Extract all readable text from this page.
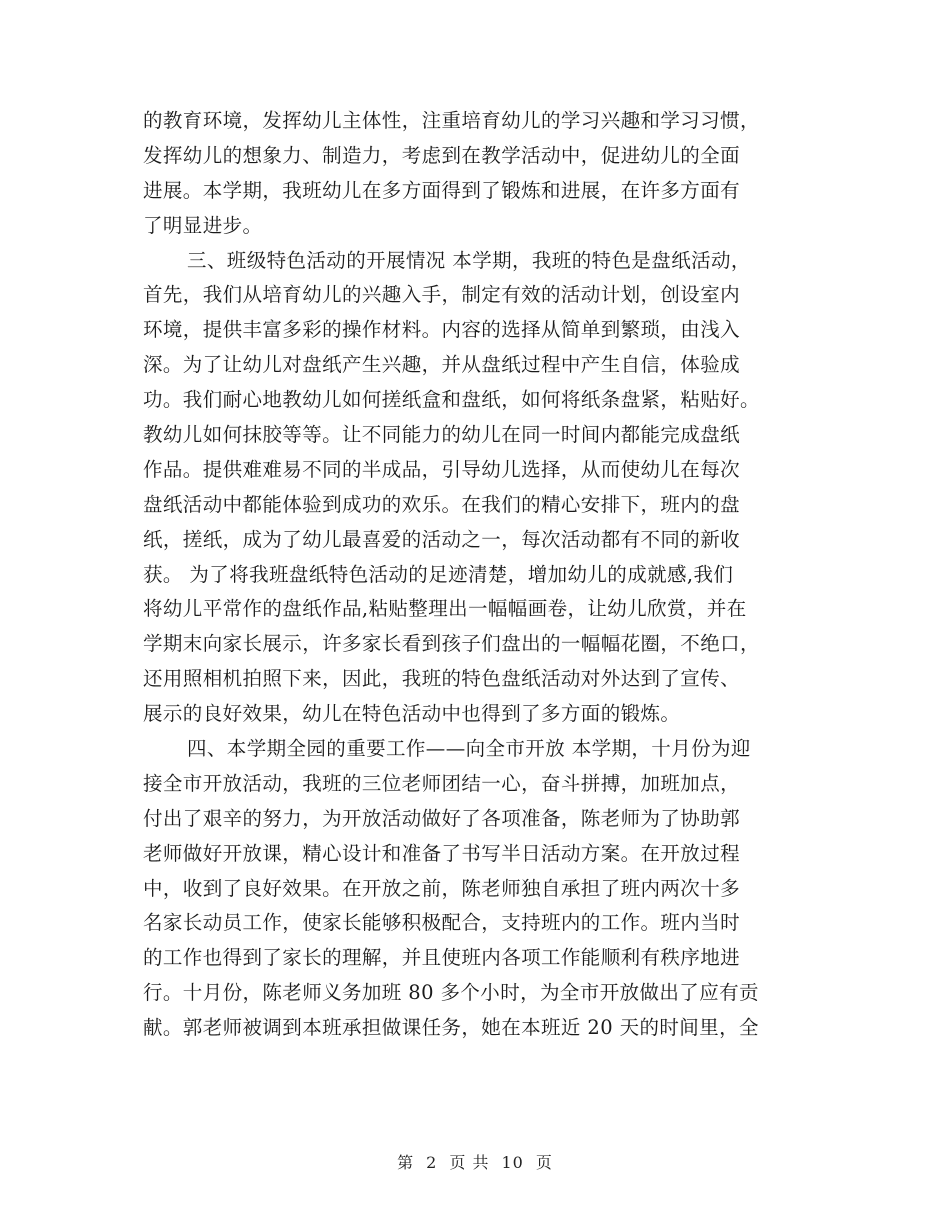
的教育环境，发挥幼儿主体性，注重培育幼儿的学习兴趣和学习习惯，
发挥幼儿的想象力、制造力，考虑到在教学活动中，促进幼儿的全面
进展。本学期，我班幼儿在多方面得到了锻炼和进展，在许多方面有
了明显进步。
三、班级特色活动的开展情况 本学期，我班的特色是盘纸活动，
首先，我们从培育幼儿的兴趣入手，制定有效的活动计划，创设室内
环境，提供丰富多彩的操作材料。内容的选择从简单到繁琐，由浅入
深。为了让幼儿对盘纸产生兴趣，并从盘纸过程中产生自信，体验成
功。我们耐心地教幼儿如何搓纸盒和盘纸，如何将纸条盘紧，粘贴好。
教幼儿如何抹胶等等。让不同能力的幼儿在同一时间内都能完成盘纸
作品。提供难难易不同的半成品，引导幼儿选择，从而使幼儿在每次
盘纸活动中都能体验到成功的欢乐。在我们的精心安排下，班内的盘
纸，搓纸，成为了幼儿最喜爱的活动之一，每次活动都有不同的新收
获。 为了将我班盘纸特色活动的足迹清楚，增加幼儿的成就感,我们
将幼儿平常作的盘纸作品,粘贴整理出一幅幅画卷，让幼儿欣赏，并在
学期末向家长展示，许多家长看到孩子们盘出的一幅幅花圈，不绝口，
还用照相机拍照下来，因此，我班的特色盘纸活动对外达到了宣传、
展示的良好效果，幼儿在特色活动中也得到了多方面的锻炼。
四、本学期全园的重要工作——向全市开放 本学期，十月份为迎
接全市开放活动，我班的三位老师团结一心，奋斗拼搏，加班加点，
付出了艰辛的努力，为开放活动做好了各项准备，陈老师为了协助郭
老师做好开放课，精心设计和准备了书写半日活动方案。在开放过程
中，收到了良好效果。在开放之前，陈老师独自承担了班内两次十多
名家长动员工作，使家长能够积极配合，支持班内的工作。班内当时
的工作也得到了家长的理解，并且使班内各项工作能顺利有秩序地进
行。十月份，陈老师义务加班 80 多个小时，为全市开放做出了应有贡
献。郭老师被调到本班承担做课任务，她在本班近 20 天的时间里，全
第 2 页 共 10 页
